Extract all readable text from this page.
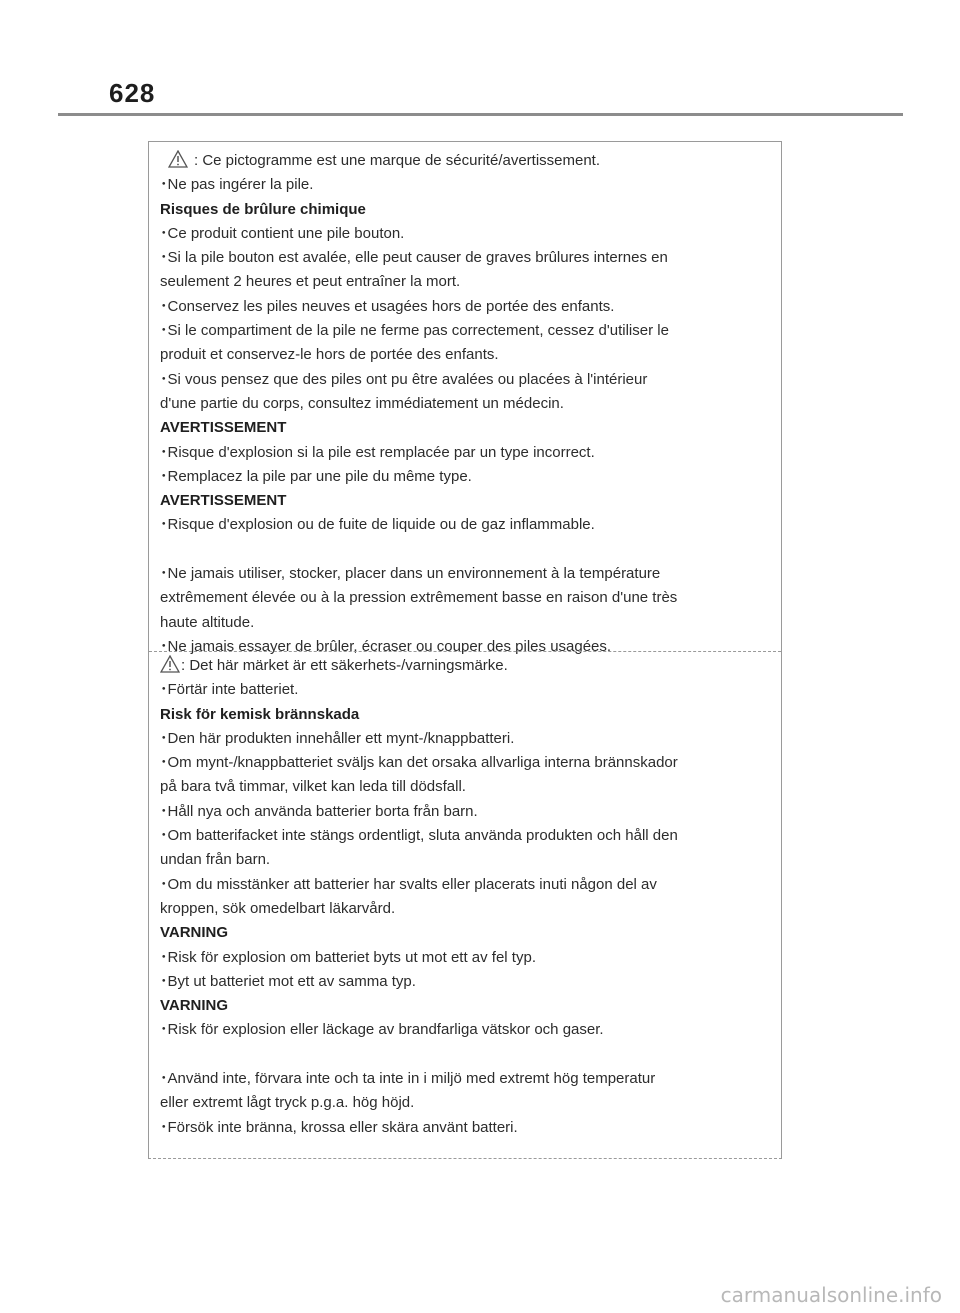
628
: Ce pictogramme est une marque de sécurité/avertissement.
･Ne pas ingérer la pile.
Risques de brûlure chimique
･Ce produit contient une pile bouton.
･Si la pile bouton est avalée, elle peut causer de graves brûlures internes en
seulement 2 heures et peut entraîner la mort.
･Conservez les piles neuves et usagées hors de portée des enfants.
･Si le compartiment de la pile ne ferme pas correctement, cessez d'utiliser le
produit et conservez-le hors de portée des enfants.
･Si vous pensez que des piles ont pu être avalées ou placées à l'intérieur
d'une partie du corps, consultez immédiatement un médecin.
AVERTISSEMENT
･Risque d'explosion si la pile est remplacée par un type incorrect.
･Remplacez la pile par une pile du même type.
AVERTISSEMENT
･Risque d'explosion ou de fuite de liquide ou de gaz inflammable.
･Ne jamais utiliser, stocker, placer dans un environnement à la température
extrêmement élevée ou à la pression extrêmement basse en raison d'une très
haute altitude.
･Ne jamais essayer de brûler, écraser ou couper des piles usagées.
: Det här märket är ett säkerhets-/varningsmärke.
･Förtär inte batteriet.
Risk för kemisk brännskada
･Den här produkten innehåller ett mynt-/knappbatteri.
･Om mynt-/knappbatteriet sväljs kan det orsaka allvarliga interna brännskador
på bara två timmar, vilket kan leda till dödsfall.
･Håll nya och använda batterier borta från barn.
･Om batterifacket inte stängs ordentligt, sluta använda produkten och håll den
undan från barn.
･Om du misstänker att batterier har svalts eller placerats inuti någon del av
kroppen, sök omedelbart läkarvård.
VARNING
･Risk för explosion om batteriet byts ut mot ett av fel typ.
･Byt ut batteriet mot ett av samma typ.
VARNING
･Risk för explosion eller läckage av brandfarliga vätskor och gaser.
･Använd inte, förvara inte och ta inte in i miljö med extremt hög temperatur
eller extremt lågt tryck p.g.a. hög höjd.
･Försök inte bränna, krossa eller skära använt batteri.
carmanualsonline.info
